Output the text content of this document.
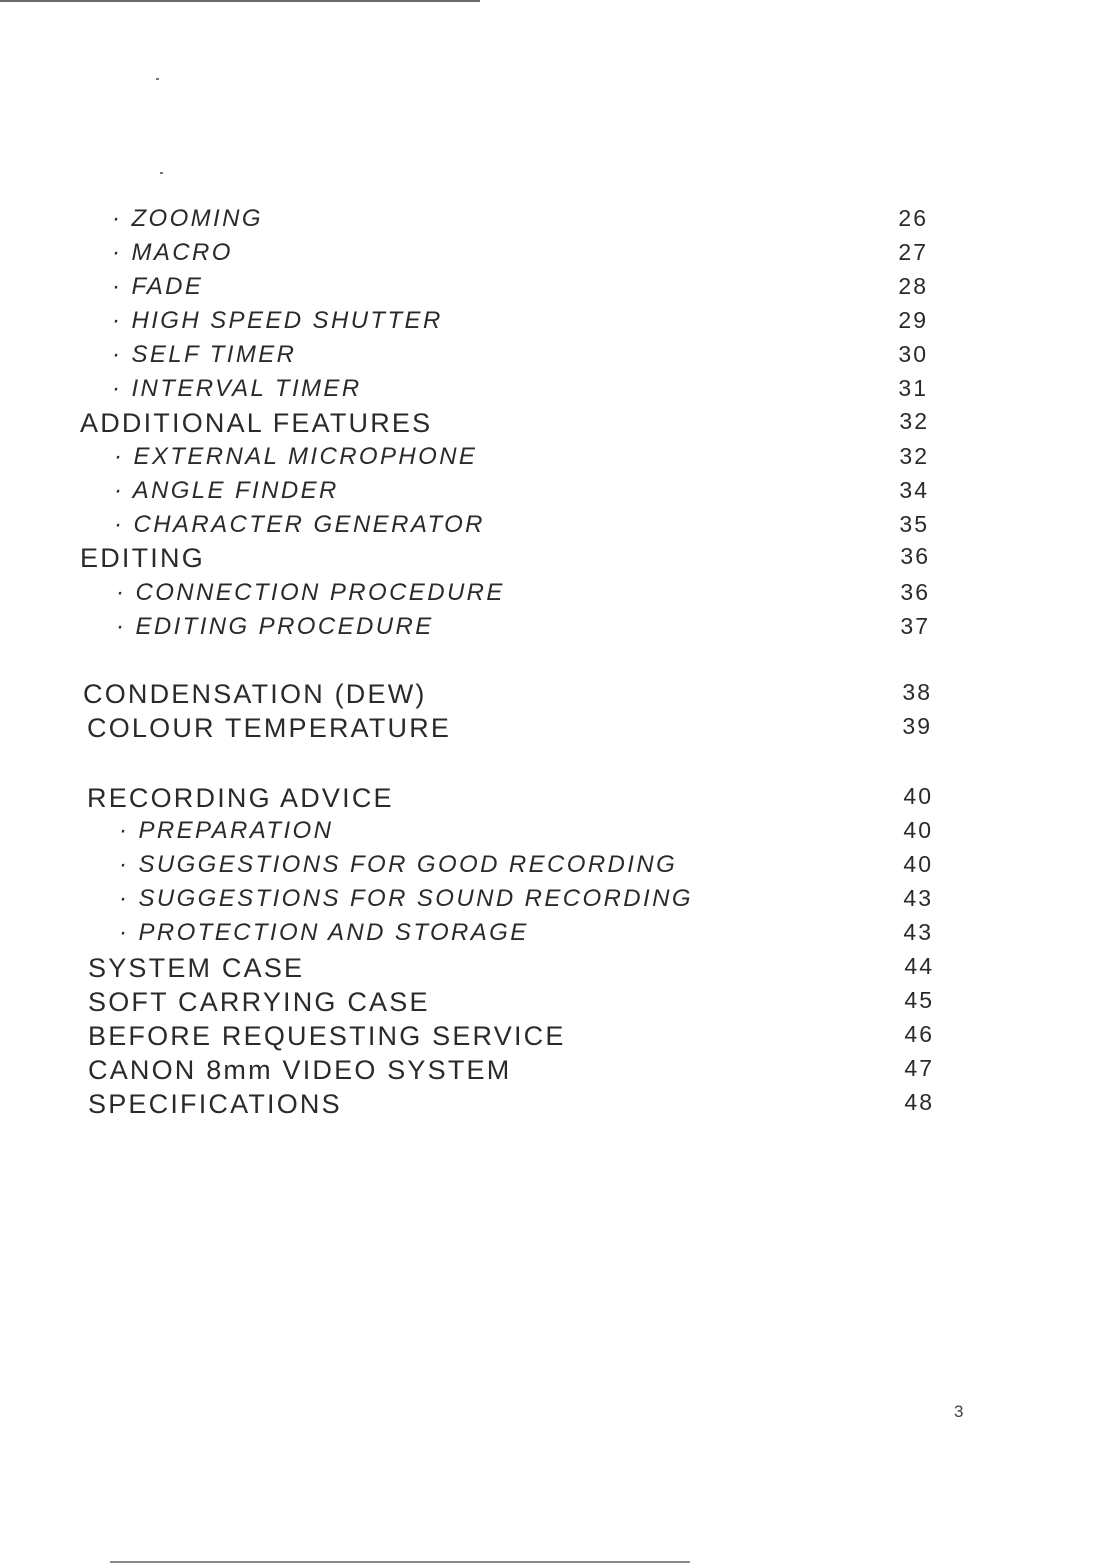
· ZOOMING	26
· MACRO	27
· FADE	28
· HIGH SPEED SHUTTER	29
· SELF TIMER	30
· INTERVAL TIMER	31
ADDITIONAL FEATURES	32
· EXTERNAL MICROPHONE	32
· ANGLE FINDER	34
· CHARACTER GENERATOR	35
EDITING	36
· CONNECTION PROCEDURE	36
· EDITING PROCEDURE	37
CONDENSATION (DEW)	38
COLOUR TEMPERATURE	39
RECORDING ADVICE	40
· PREPARATION	40
· SUGGESTIONS FOR GOOD RECORDING	40
· SUGGESTIONS FOR SOUND RECORDING	43
· PROTECTION AND STORAGE	43
SYSTEM CASE	44
SOFT CARRYING CASE	45
BEFORE REQUESTING SERVICE	46
CANON 8mm VIDEO SYSTEM	47
SPECIFICATIONS	48
3
